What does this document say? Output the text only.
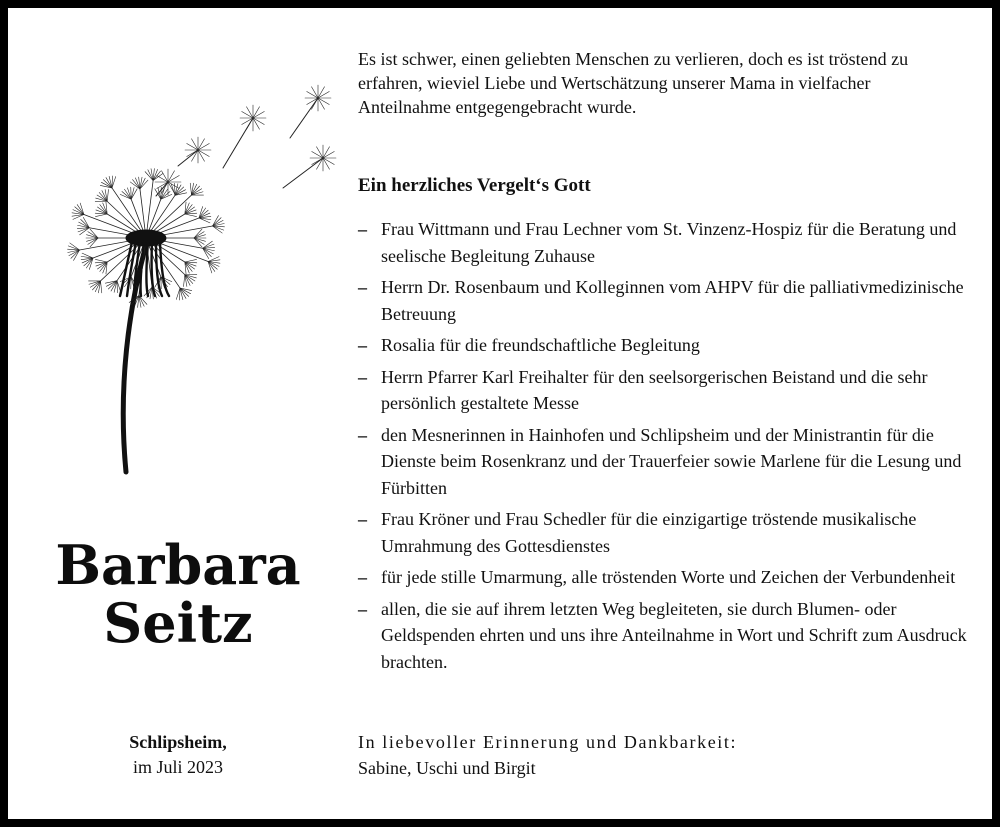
Es ist schwer, einen geliebten Menschen zu verlieren, doch es ist tröstend zu erfahren, wieviel Liebe und Wertschätzung unserer Mama in vielfacher Anteilnahme entgegengebracht wurde.

Ein herzliches Vergelt‘s Gott

– Frau Wittmann und Frau Lechner vom St. Vinzenz-Hospiz für die Beratung und seelische Begleitung Zuhause
– Herrn Dr. Rosenbaum und Kolleginnen vom AHPV für die palliativmedizinische Betreuung
– Rosalia für die freundschaftliche Begleitung
– Herrn Pfarrer Karl Freihalter für den seelsorgerischen Beistand und die sehr persönlich gestaltete Messe
– den Mesnerinnen in Hainhofen und Schlipsheim und der Ministrantin für die Dienste beim Rosenkranz und der Trauerfeier sowie Marlene für die Lesung und Fürbitten
– Frau Kröner und Frau Schedler für die einzigartige tröstende musikalische Umrahmung des Gottesdienstes
– für jede stille Umarmung, alle tröstenden Worte und Zeichen der Verbundenheit
– allen, die sie auf ihrem letzten Weg begleiteten, sie durch Blumen- oder Geldspenden ehrten und uns ihre Anteilnahme in Wort und Schrift zum Ausdruck brachten.
Barbara
Seitz
Schlipsheim,
im Juli 2023

In liebevoller Erinnerung und Dankbarkeit:

Sabine, Uschi und Birgit
